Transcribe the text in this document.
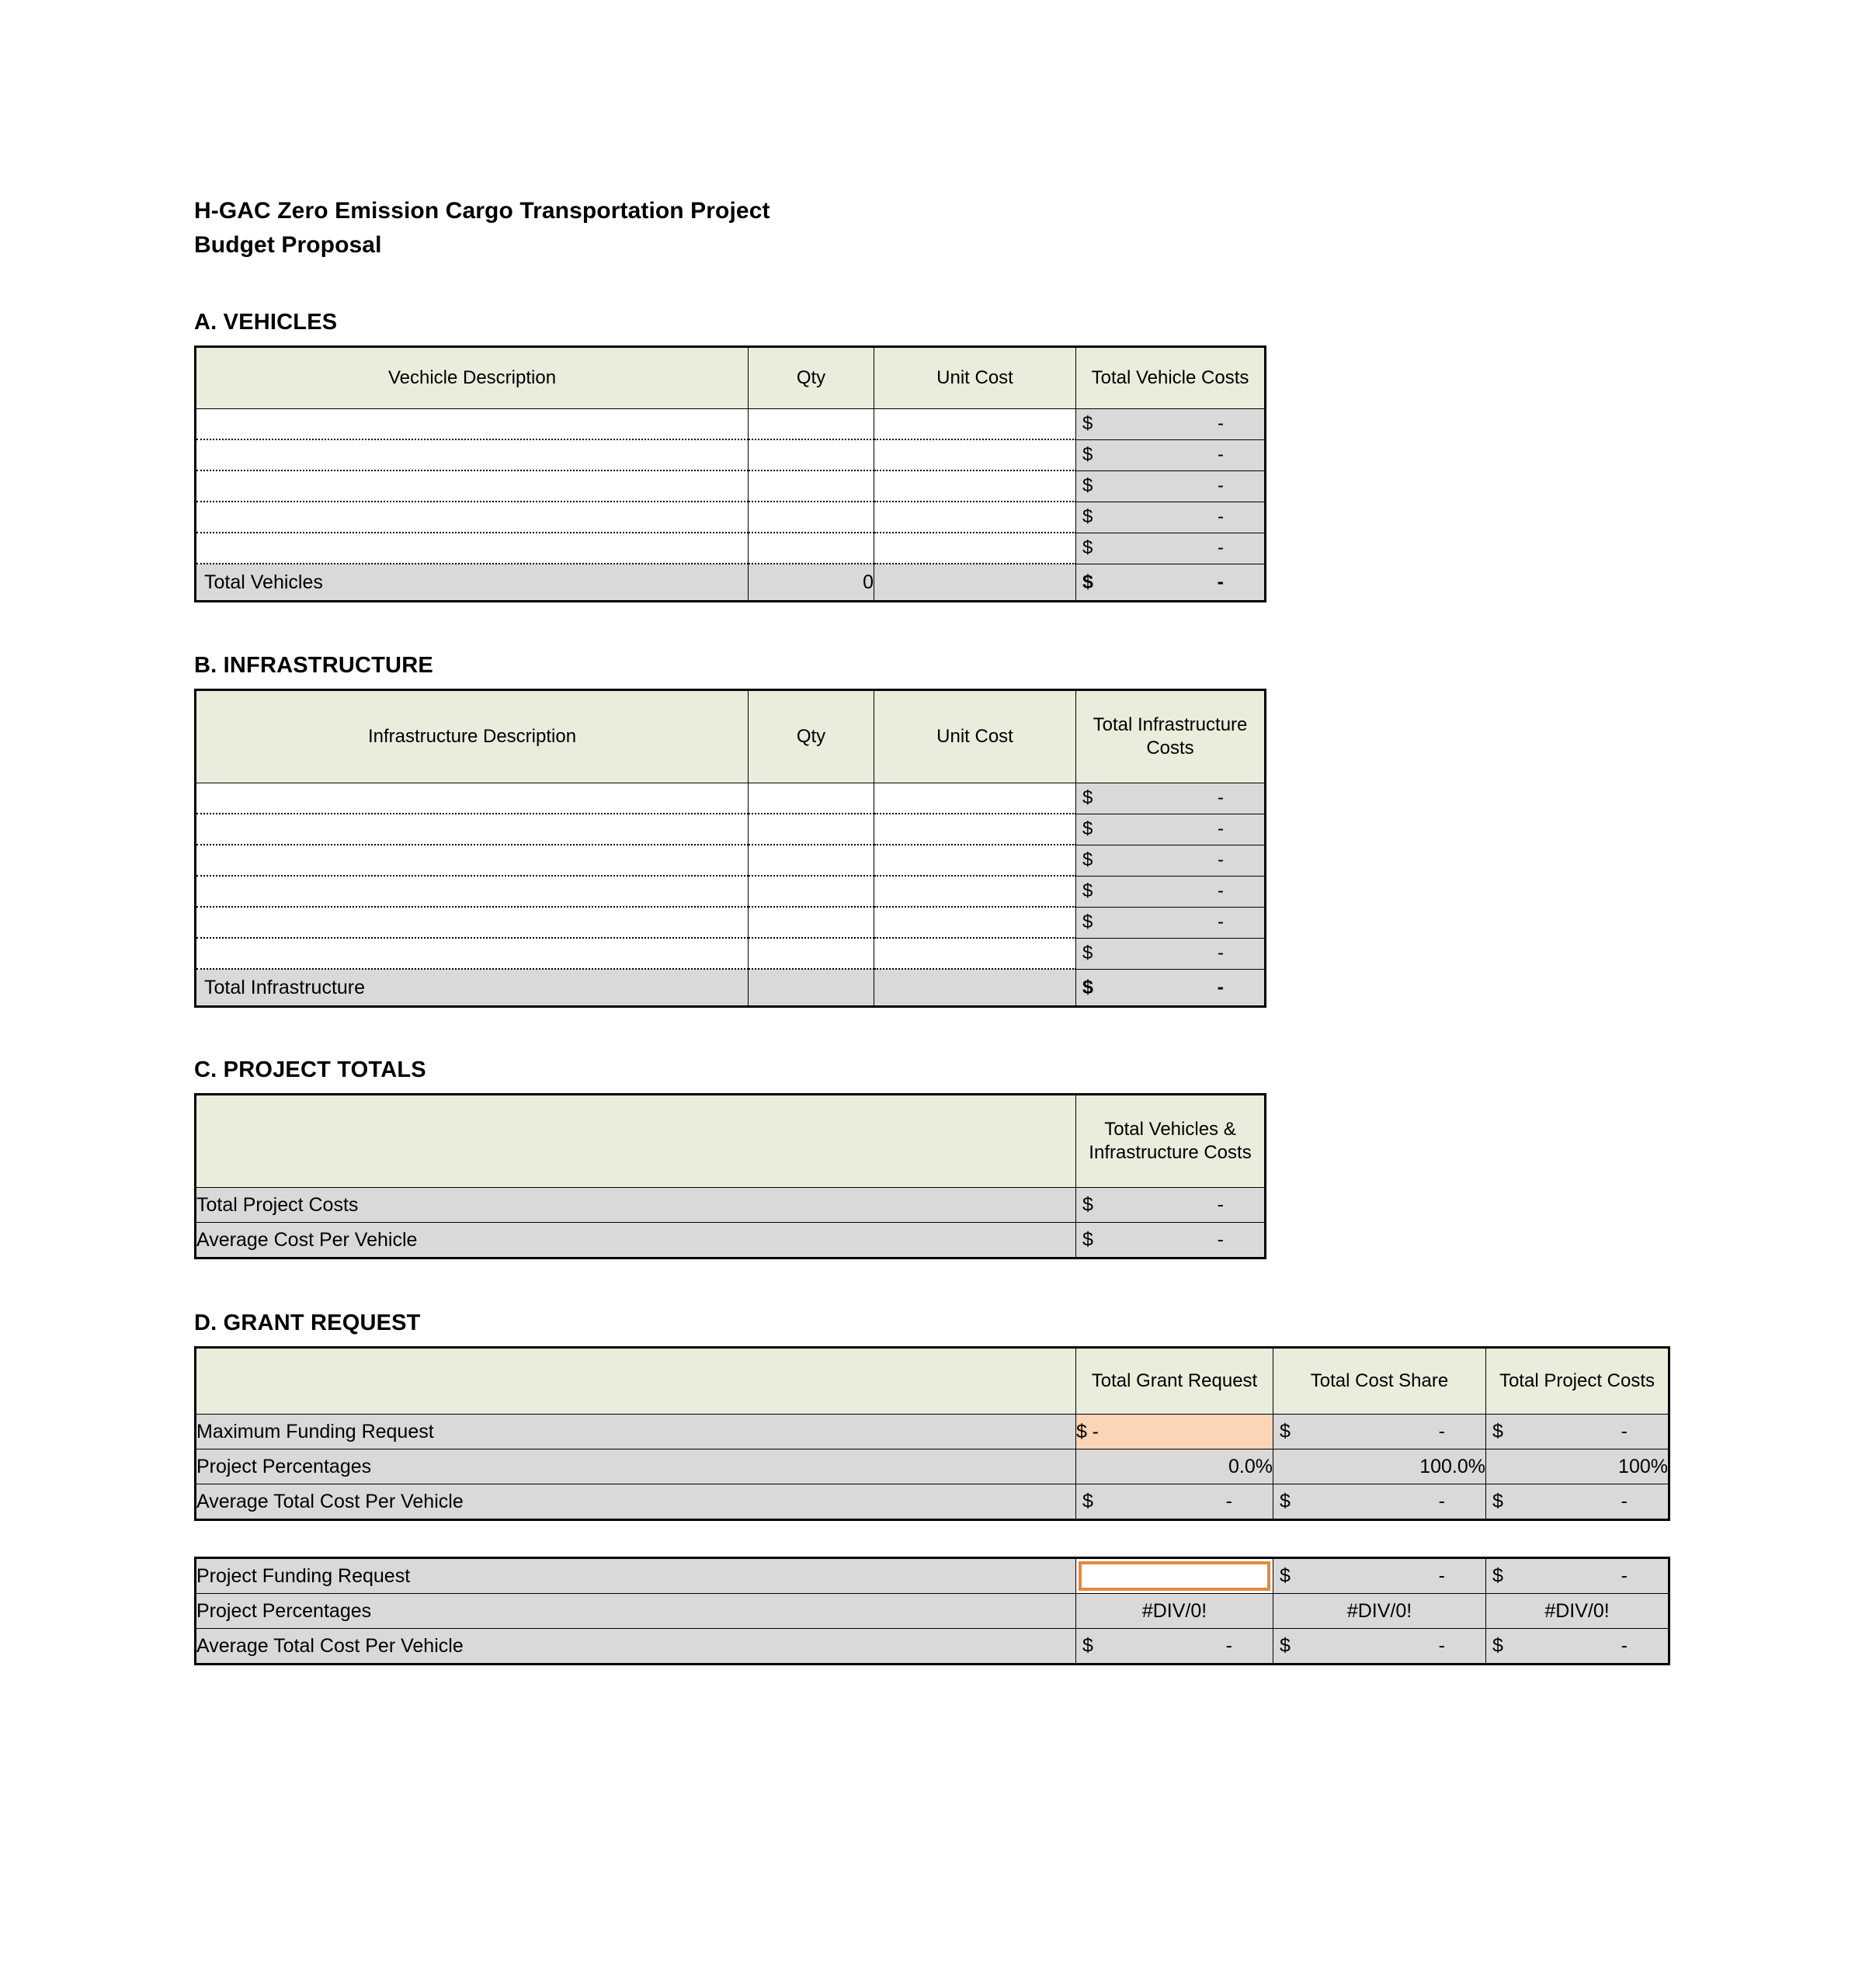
H-GAC Zero Emission Cargo Transportation Project
Budget Proposal
A. VEHICLES
Vechicle Description	Qty	Unit Cost	Total Vehicle Costs

			$ -

			$ -

			$ -

			$ -

			$ -

Total Vehicles	0		$ -
B. INFRASTRUCTURE
Infrastructure Description	Qty	Unit Cost	Total Infrastructure Costs

			$ -

			$ -

			$ -

			$ -

			$ -

			$ -

Total Infrastructure			$ -
C. PROJECT TOTALS
	Total Vehicles & Infrastructure Costs
Total Project Costs	$ -

Average Cost Per Vehicle	$ -
D. GRANT REQUEST
	Total Grant Request	Total Cost Share	Total Project Costs
Maximum Funding Request	$ -	$ -	$ -

Project Percentages	0.0%	100.0%	100%
Average Total Cost Per Vehicle	$ -	$ -	$ -
Project Funding Request		$ -	$ -

Project Percentages	#DIV/0!	#DIV/0!	#DIV/0!
Average Total Cost Per Vehicle	$ -	$ -	$ -
